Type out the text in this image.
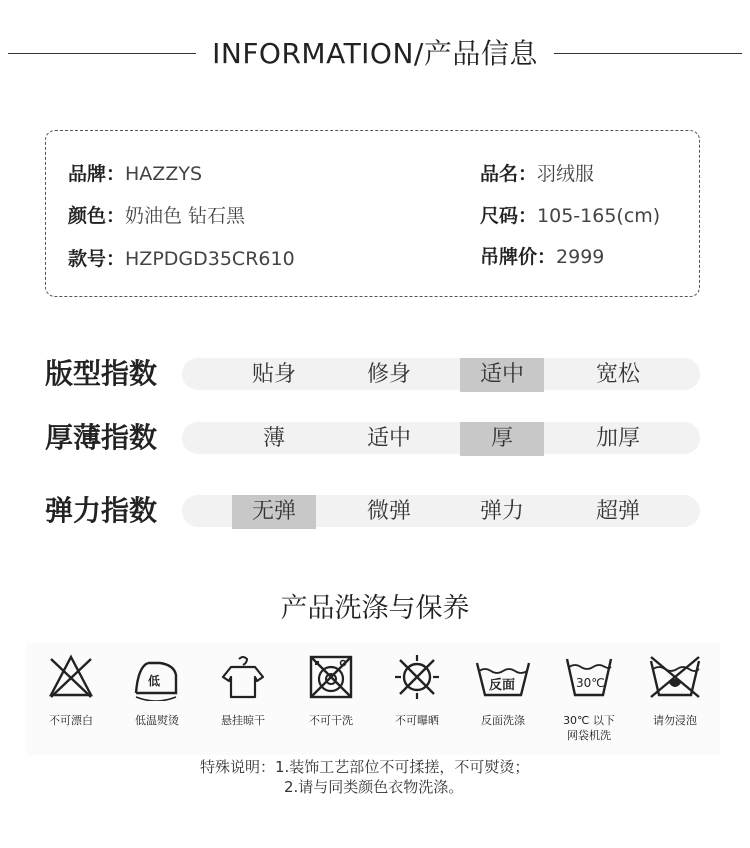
INFORMATION/产品信息
品牌：HAZZYS
颜色：奶油色 钻石黑
款号：HZPDGD35CR610
品名：羽绒服
尺码：105-165(cm)
吊牌价：2999
版型指数	贴身	修身	适中	宽松
厚薄指数	薄	适中	厚	加厚
弹力指数	无弹	微弹	弹力	超弹
产品洗涤与保养
不可漂白
低
低温熨烫	悬挂晾干	不可干洗	不可曝晒
反面
反面洗涤
30℃
30℃ 以下
网袋机洗
请勿浸泡
特殊说明：1.装饰工艺部位不可揉搓，不可熨烫；
2.请与同类颜色衣物洗涤。
